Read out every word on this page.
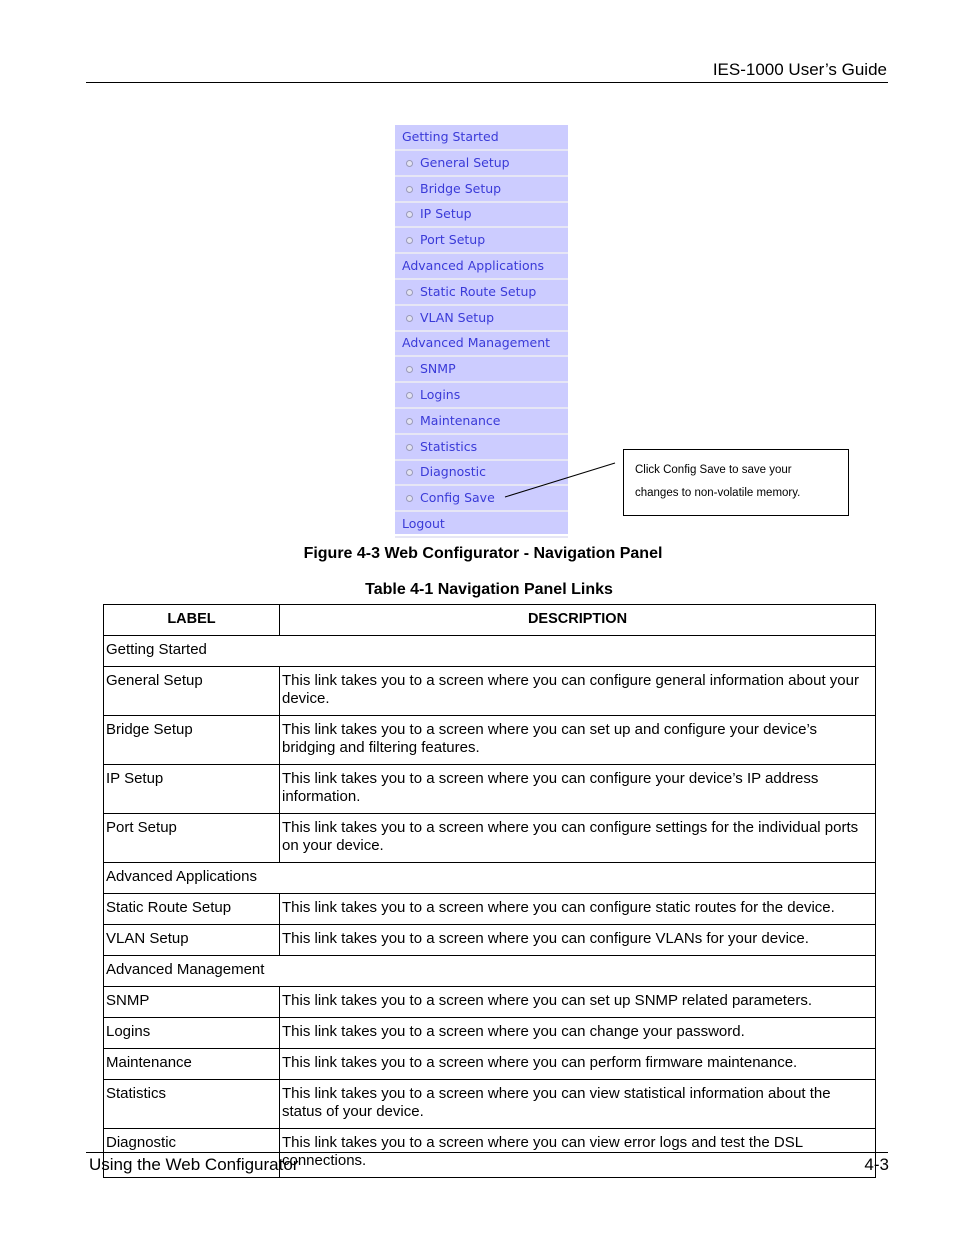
IES-1000 User’s Guide
Getting Started
General Setup
Bridge Setup
IP Setup
Port Setup
Advanced Applications
Static Route Setup
VLAN Setup
Advanced Management
SNMP
Logins
Maintenance
Statistics
Diagnostic
Config Save
Logout

Click Config Save to save your
changes to non-volatile memory.

Figure 4-3 Web Configurator - Navigation Panel
Table 4-1 Navigation Panel Links
LABEL	DESCRIPTION
Getting Started	
General Setup	This link takes you to a screen where you can configure general information about your device.
Bridge Setup	This link takes you to a screen where you can set up and configure your device’s bridging and filtering features.
IP Setup	This link takes you to a screen where you can configure your device’s IP address information.
Port Setup	This link takes you to a screen where you can configure settings for the individual ports on your device.
Advanced Applications	
Static Route Setup	This link takes you to a screen where you can configure static routes for the device.
VLAN Setup	This link takes you to a screen where you can configure VLANs for your device.
Advanced Management	
SNMP	This link takes you to a screen where you can set up SNMP related parameters.
Logins	This link takes you to a screen where you can change your password.
Maintenance	This link takes you to a screen where you can perform firmware maintenance.
Statistics	This link takes you to a screen where you can view statistical information about the status of your device.
Diagnostic	This link takes you to a screen where you can view error logs and test the DSL connections.
Using the Web Configurator	4-3
